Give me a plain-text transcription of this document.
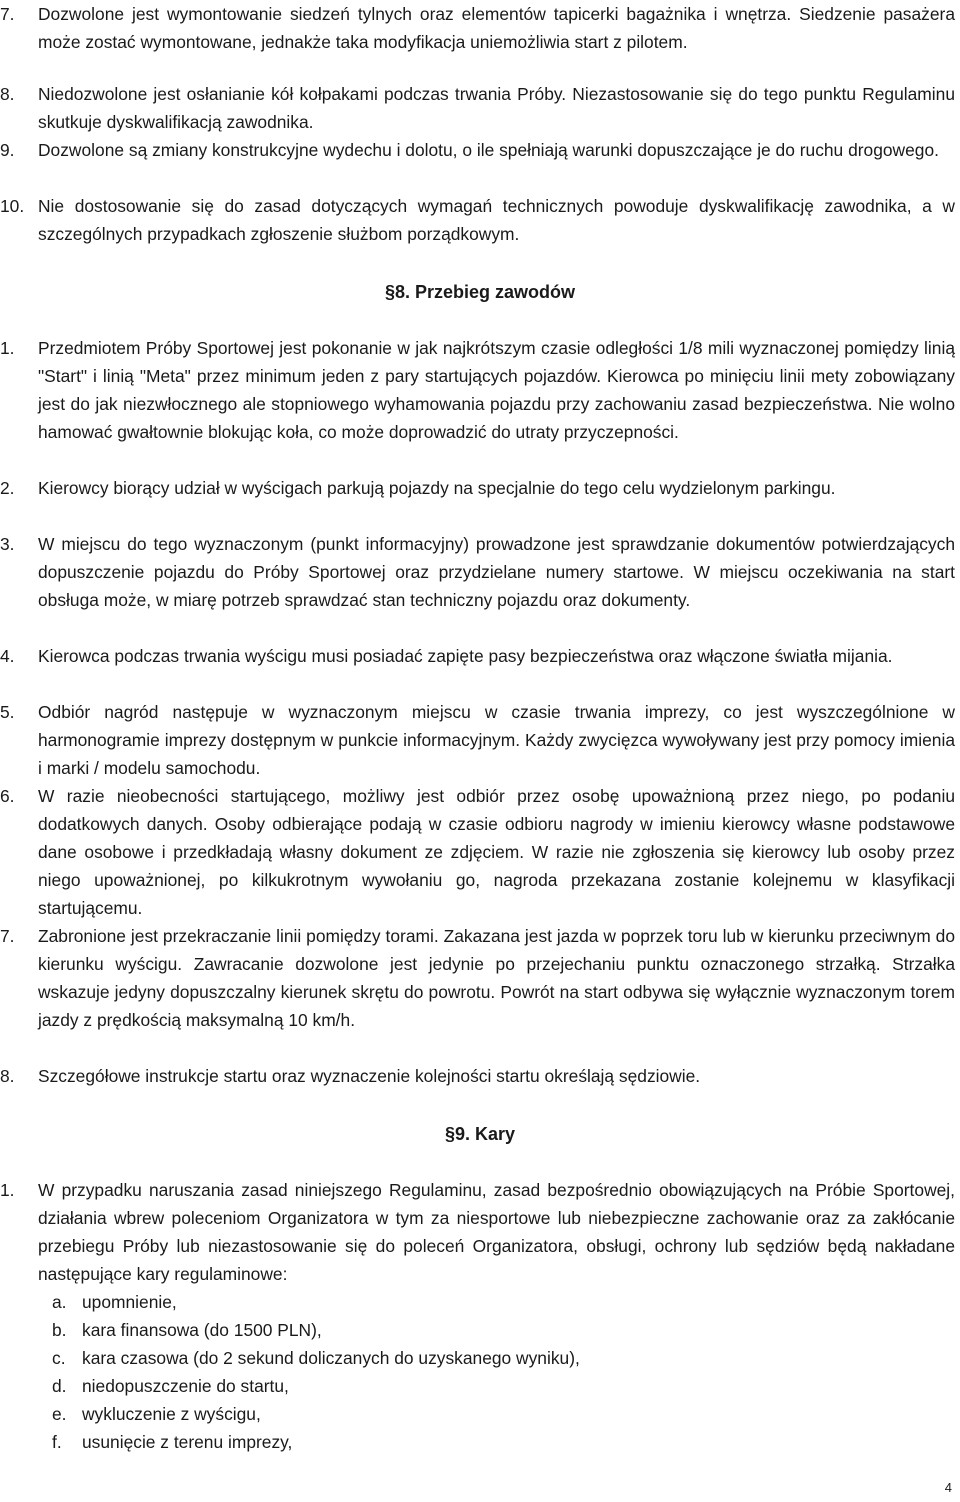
7.	Dozwolone jest wymontowanie siedzeń tylnych oraz elementów tapicerki bagażnika i wnętrza. Siedzenie pasażera może zostać wymontowane, jednakże taka modyfikacja uniemożliwia start z pilotem.
8.	Niedozwolone jest osłanianie kół kołpakami podczas trwania Próby. Niezastosowanie się do tego punktu Regulaminu skutkuje dyskwalifikacją zawodnika.
9.	Dozwolone są zmiany konstrukcyjne wydechu i dolotu, o ile spełniają warunki dopuszczające je do ruchu drogowego.
10. Nie dostosowanie się do zasad dotyczących wymagań technicznych powoduje dyskwalifikację zawodnika, a w szczególnych przypadkach zgłoszenie służbom porządkowym.
§8. Przebieg zawodów
1.	Przedmiotem Próby Sportowej jest pokonanie w jak najkrótszym czasie odległości 1/8 mili wyznaczonej pomiędzy linią "Start" i linią "Meta" przez minimum jeden z pary startujących pojazdów. Kierowca po minięciu linii mety zobowiązany jest do jak niezwłocznego ale stopniowego wyhamowania pojazdu przy zachowaniu zasad bezpieczeństwa. Nie wolno hamować gwałtownie blokując koła, co może doprowadzić do utraty przyczepności.
2.	Kierowcy biorący udział w wyścigach parkują pojazdy na specjalnie do tego celu wydzielonym parkingu.
3.	W miejscu do tego wyznaczonym (punkt informacyjny) prowadzone jest sprawdzanie dokumentów potwierdzających dopuszczenie pojazdu do Próby Sportowej oraz przydzielane numery startowe. W miejscu oczekiwania na start obsługa może, w miarę potrzeb sprawdzać stan techniczny pojazdu oraz dokumenty.
4.	Kierowca podczas trwania wyścigu musi posiadać zapięte pasy bezpieczeństwa oraz włączone światła mijania.
5.	Odbiór nagród następuje w wyznaczonym miejscu w czasie trwania imprezy, co jest wyszczególnione w harmonogramie imprezy dostępnym w punkcie informacyjnym. Każdy zwycięzca wywoływany jest przy pomocy imienia i marki / modelu samochodu.
6.	W razie nieobecności startującego, możliwy jest odbiór przez osobę upoważnioną przez niego, po podaniu dodatkowych danych. Osoby odbierające podają w czasie odbioru nagrody w imieniu kierowcy własne podstawowe dane osobowe i przedkładają własny dokument ze zdjęciem. W razie nie zgłoszenia się kierowcy lub osoby przez niego upoważnionej, po kilkukrotnym wywołaniu go, nagroda przekazana zostanie kolejnemu w klasyfikacji startującemu.
7.	Zabronione jest przekraczanie linii pomiędzy torami. Zakazana jest jazda w poprzek toru lub w kierunku przeciwnym do kierunku wyścigu. Zawracanie dozwolone jest jedynie po przejechaniu punktu oznaczonego strzałką. Strzałka wskazuje jedyny dopuszczalny kierunek skrętu do powrotu. Powrót na start odbywa się wyłącznie wyznaczonym torem jazdy z prędkością maksymalną 10 km/h.
8.	Szczegółowe instrukcje startu oraz wyznaczenie kolejności startu określają sędziowie.
§9. Kary
1.	W przypadku naruszania zasad niniejszego Regulaminu, zasad bezpośrednio obowiązujących na Próbie Sportowej, działania wbrew poleceniom Organizatora w tym za niesportowe lub niebezpieczne zachowanie oraz za zakłócanie przebiegu Próby lub niezastosowanie się do poleceń Organizatora, obsługi, ochrony lub sędziów będą nakładane następujące kary regulaminowe:
a. upomnienie,
b. kara finansowa (do 1500 PLN),
c. kara czasowa (do 2 sekund doliczanych do uzyskanego wyniku),
d. niedopuszczenie do startu,
e. wykluczenie z wyścigu,
f. usunięcie z terenu imprezy,
4
